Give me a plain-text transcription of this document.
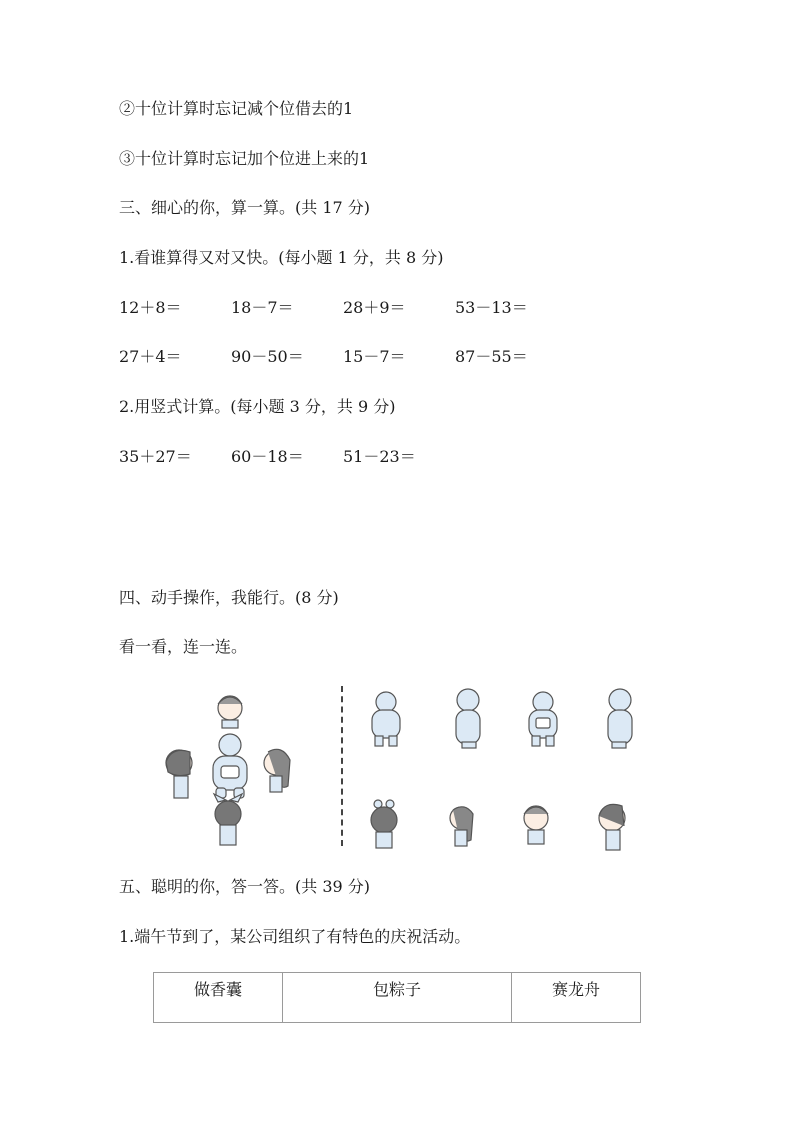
②十位计算时忘记减个位借去的1
③十位计算时忘记加个位进上来的1
三、细心的你，算一算。(共 17 分)
1.看谁算得又对又快。(每小题 1 分，共 8 分)
12＋8＝	18－7＝	28＋9＝	53－13＝
27＋4＝	90－50＝ 15－7＝	87－55＝
2.用竖式计算。(每小题 3 分，共 9 分)
35＋27＝ 60－18＝ 51－23＝
四、动手操作，我能行。(8 分)
看一看，连一连。
五、聪明的你，答一答。(共 39 分)
1.端午节到了，某公司组织了有特色的庆祝活动。
做香囊	包粽子	赛龙舟
